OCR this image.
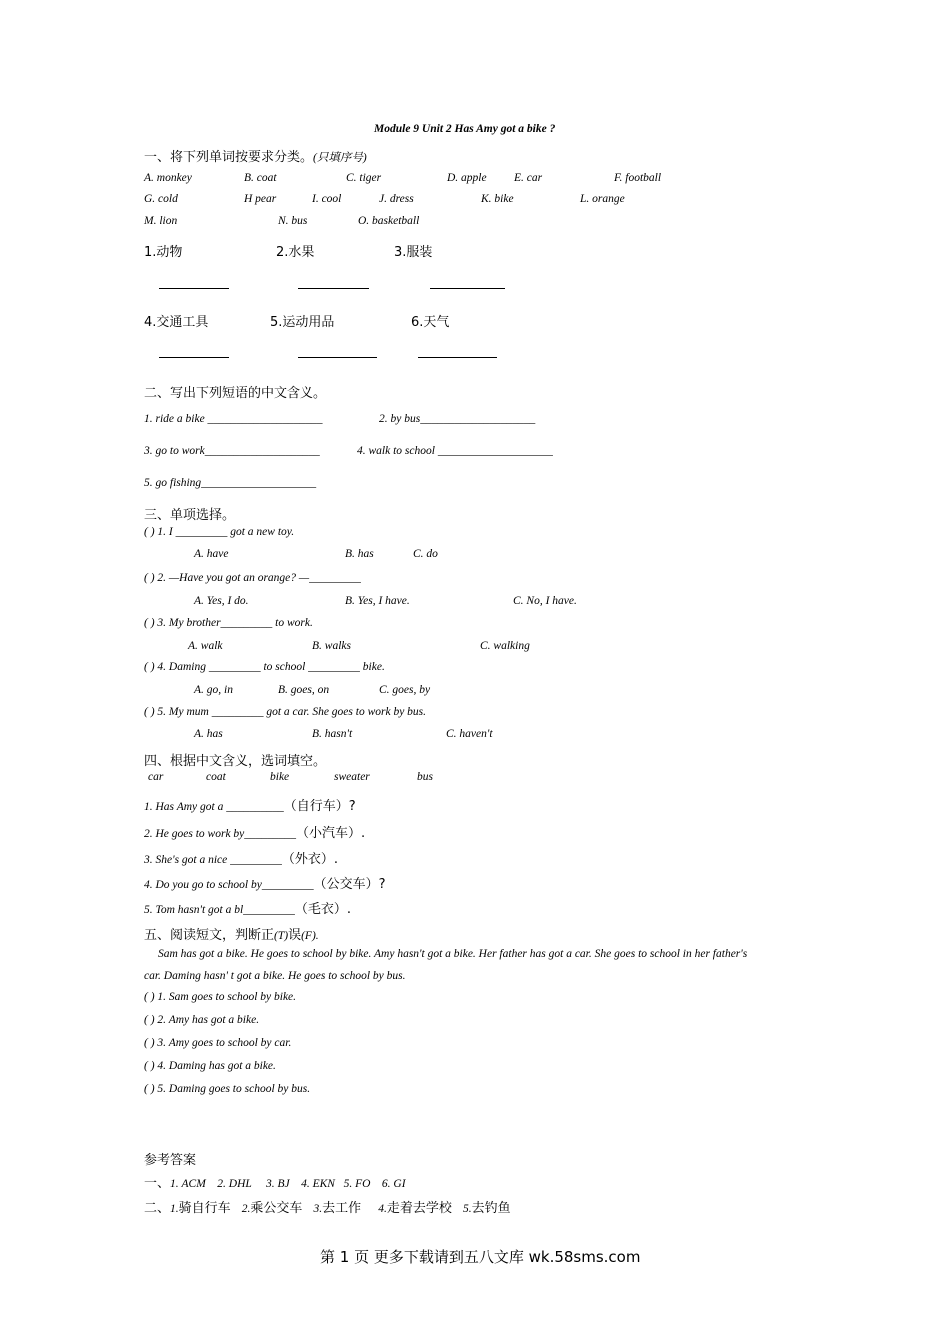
Module 9 Unit 2 Has Amy got a bike ?
一、将下列单词按要求分类。(只填序号)
A. monkey	B. coat	C. tiger	D. apple E. car	F. football
G. cold	H pear	I. cool	J. dress	K. bike	L. orange
M. lion	N. bus	O. basketball
1.动物	2.水果	3.服装
4.交通工具	5.运动用品	6.天气
二、写出下列短语的中文含义。
1. ride a bike ____________________	2. by bus____________________
3. go to work____________________	4. walk to school ____________________
5. go fishing____________________
三、单项选择。
( ) 1. I _________ got a new toy.
A. have	B. has	C. do
( ) 2. —Have you got an orange? —_________
A. Yes, I do.	B. Yes, I have.	C. No, I have.
( ) 3. My brother_________ to work.
A. walk	B. walks	C. walking
( ) 4. Daming _________ to school _________ bike.
A. go, in	B. goes, on	C. goes, by
( ) 5. My mum _________ got a car. She goes to work by bus.
A. has	B. hasn't	C. haven't
四、根据中文含义，选词填空。
car	coat	bike	sweater	bus
1. Has Amy got a __________（自行车）?
2. He goes to work by_________（小汽车）.
3. She's got a nice _________（外衣）.
4. Do you go to school by_________（公交车）?
5. Tom hasn't got a bl_________（毛衣）.
五、阅读短文，判断正(T)误(F).
Sam has got a bike. He goes to school by bike. Amy hasn't got a bike. Her father has got a car. She goes to school in her father's
car. Daming hasn' t got a bike. He goes to school by bus.
( ) 1. Sam goes to school by bike.
( ) 2. Amy has got a bike.
( ) 3. Amy goes to school by car.
( ) 4. Daming has got a bike.
( ) 5. Daming goes to school by bus.
参考答案
一、1. ACM    2. DHL     3. BJ    4. EKN   5. FO    6. GI
二、1.骑自行车 2.乘公交车 3.去工作 4.走着去学校 5.去钓鱼
第 1 页 更多下载请到五八文库 wk.58sms.com
